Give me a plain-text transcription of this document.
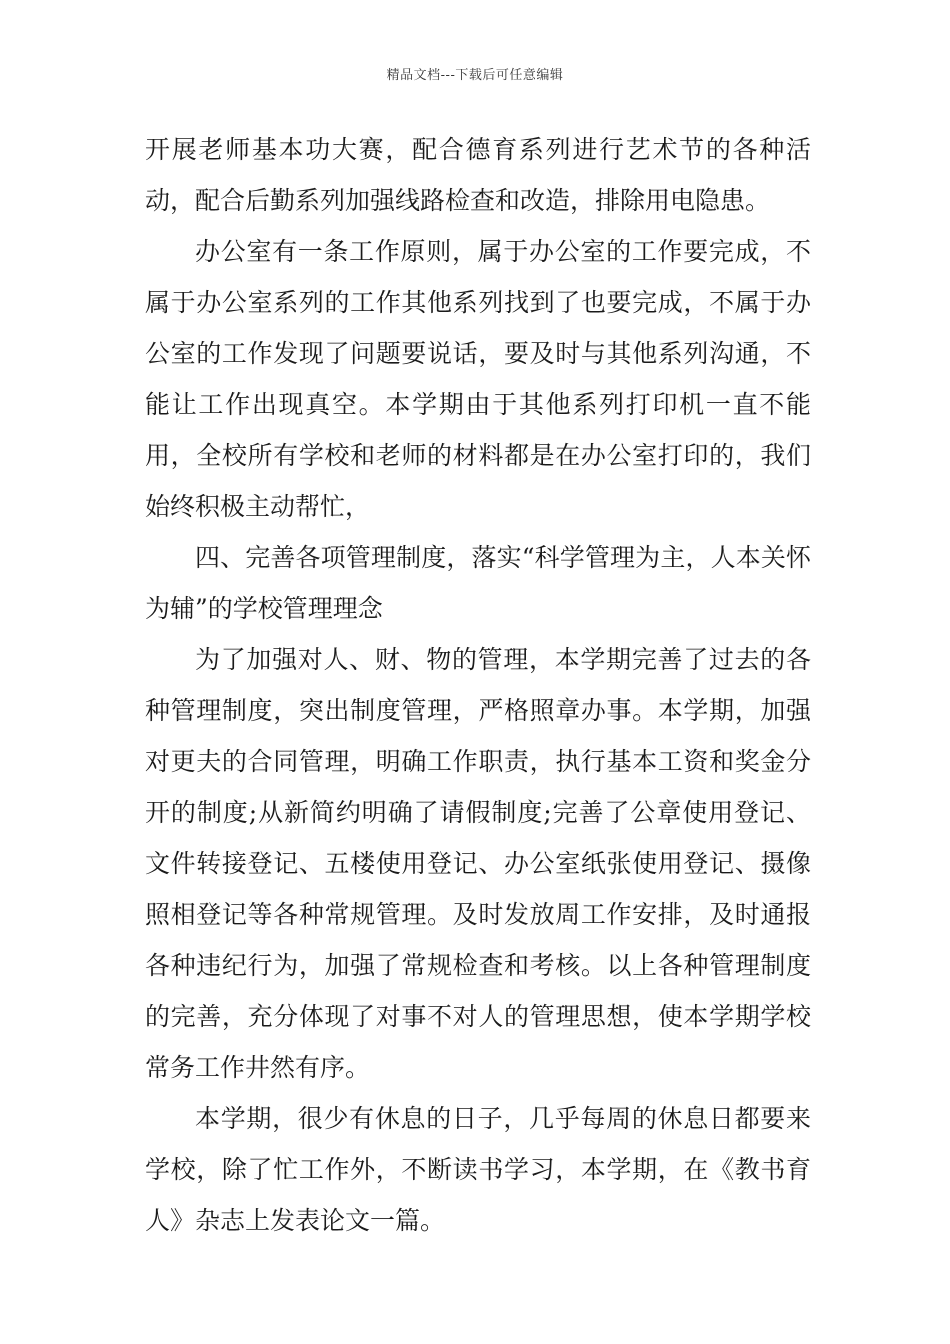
精品文档---下载后可任意编辑

开展老师基本功大赛，配合德育系列进行艺术节的各种活动，配合后勤系列加强线路检查和改造，排除用电隐患。

办公室有一条工作原则，属于办公室的工作要完成，不属于办公室系列的工作其他系列找到了也要完成，不属于办公室的工作发现了问题要说话，要及时与其他系列沟通，不能让工作出现真空。本学期由于其他系列打印机一直不能用，全校所有学校和老师的材料都是在办公室打印的，我们始终积极主动帮忙，

四、完善各项管理制度，落实“科学管理为主，人本关怀为辅”的学校管理理念

为了加强对人、财、物的管理，本学期完善了过去的各种管理制度，突出制度管理，严格照章办事。本学期，加强对更夫的合同管理，明确工作职责，执行基本工资和奖金分开的制度;从新简约明确了请假制度;完善了公章使用登记、文件转接登记、五楼使用登记、办公室纸张使用登记、摄像照相登记等各种常规管理。及时发放周工作安排，及时通报各种违纪行为，加强了常规检查和考核。以上各种管理制度的完善，充分体现了对事不对人的管理思想，使本学期学校常务工作井然有序。

本学期，很少有休息的日子，几乎每周的休息日都要来学校，除了忙工作外，不断读书学习，本学期，在《教书育人》杂志上发表论文一篇。
